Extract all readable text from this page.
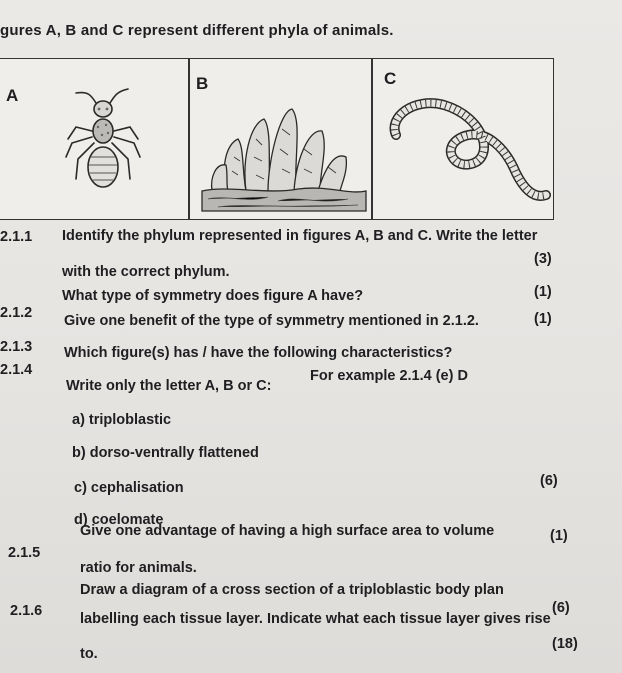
gures A, B and C represent different phyla of animals.
A
B	C
2.1.1 Identify the phylum represented in figures A, B and C. Write the letter
with the correct phylum.
(3)
2.1.2
What type of symmetry does figure A have?	(1)
2.1.3
Give one benefit of the type of symmetry mentioned in 2.1.2.	(1)
2.1.4
Which figure(s) has / have the following characteristics?
Write only the letter A, B or C:
For example 2.1.4 (e) D
a) triploblastic
b) dorso-ventrally flattened
c) cephalisation
d) coelomate
(6)
2.1.5
Give one advantage of having a high surface area to volume
ratio for animals.
(1)
2.1.6
Draw a diagram of a cross section of a triploblastic body plan
labelling each tissue layer. Indicate what each tissue layer gives rise
to.
(6)
(18)
